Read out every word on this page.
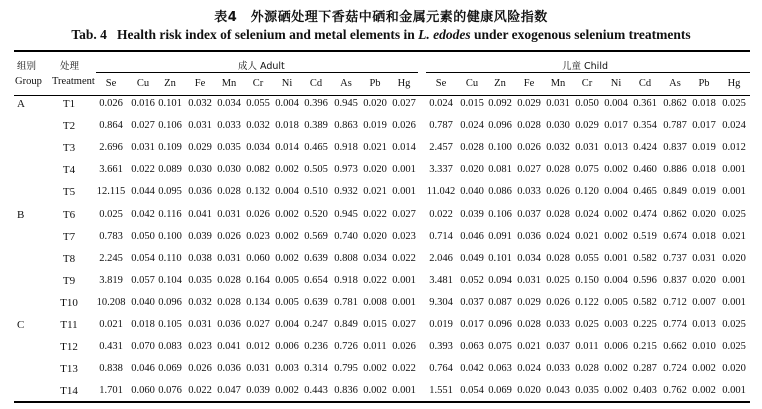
表4　外源硒处理下香菇中硒和金属元素的健康风险指数
Tab. 4 Health risk index of selenium and metal elements in L. edodes under exogenous selenium treatments
组别
Group
处理
Treatment
成人 Adult	儿童 Child
Se Cu Zn Fe Mn Cr Ni Cd As Pb Hg Se Cu Zn Fe Mn Cr Ni Cd As Pb Hg
A	T1 0.026 0.016 0.101 0.032 0.034 0.055 0.004 0.396 0.945 0.020 0.027 0.024 0.015 0.092 0.029 0.031 0.050 0.004 0.361 0.862 0.018 0.025
T2 0.864 0.027 0.106 0.031 0.033 0.032 0.018 0.389 0.863 0.019 0.026 0.787 0.024 0.096 0.028 0.030 0.029 0.017 0.354 0.787 0.017 0.024
T3 2.696 0.031 0.109 0.029 0.035 0.034 0.014 0.465 0.918 0.021 0.014 2.457 0.028 0.100 0.026 0.032 0.031 0.013 0.424 0.837 0.019 0.012
T4 3.661 0.022 0.089 0.030 0.030 0.082 0.002 0.505 0.973 0.020 0.001 3.337 0.020 0.081 0.027 0.028 0.075 0.002 0.460 0.886 0.018 0.001
T5 12.115 0.044 0.095 0.036 0.028 0.132 0.004 0.510 0.932 0.021 0.001 11.042 0.040 0.086 0.033 0.026 0.120 0.004 0.465 0.849 0.019 0.001
B	T6 0.025 0.042 0.116 0.041 0.031 0.026 0.002 0.520 0.945 0.022 0.027 0.022 0.039 0.106 0.037 0.028 0.024 0.002 0.474 0.862 0.020 0.025
T7 0.783 0.050 0.100 0.039 0.026 0.023 0.002 0.569 0.740 0.020 0.023 0.714 0.046 0.091 0.036 0.024 0.021 0.002 0.519 0.674 0.018 0.021
T8 2.245 0.054 0.110 0.038 0.031 0.060 0.002 0.639 0.808 0.034 0.022 2.046 0.049 0.101 0.034 0.028 0.055 0.001 0.582 0.737 0.031 0.020
T9 3.819 0.057 0.104 0.035 0.028 0.164 0.005 0.654 0.918 0.022 0.001 3.481 0.052 0.094 0.031 0.025 0.150 0.004 0.596 0.837 0.020 0.001
T10 10.208 0.040 0.096 0.032 0.028 0.134 0.005 0.639 0.781 0.008 0.001 9.304 0.037 0.087 0.029 0.026 0.122 0.005 0.582 0.712 0.007 0.001
C	T11 0.021 0.018 0.105 0.031 0.036 0.027 0.004 0.247 0.849 0.015 0.027 0.019 0.017 0.096 0.028 0.033 0.025 0.003 0.225 0.774 0.013 0.025
T12 0.431 0.070 0.083 0.023 0.041 0.012 0.006 0.236 0.726 0.011 0.026 0.393 0.063 0.075 0.021 0.037 0.011 0.006 0.215 0.662 0.010 0.025
T13 0.838 0.046 0.069 0.026 0.036 0.031 0.003 0.314 0.795 0.002 0.022 0.764 0.042 0.063 0.024 0.033 0.028 0.002 0.287 0.724 0.002 0.020
T14 1.701 0.060 0.076 0.022 0.047 0.039 0.002 0.443 0.836 0.002 0.001 1.551 0.054 0.069 0.020 0.043 0.035 0.002 0.403 0.762 0.002 0.001
